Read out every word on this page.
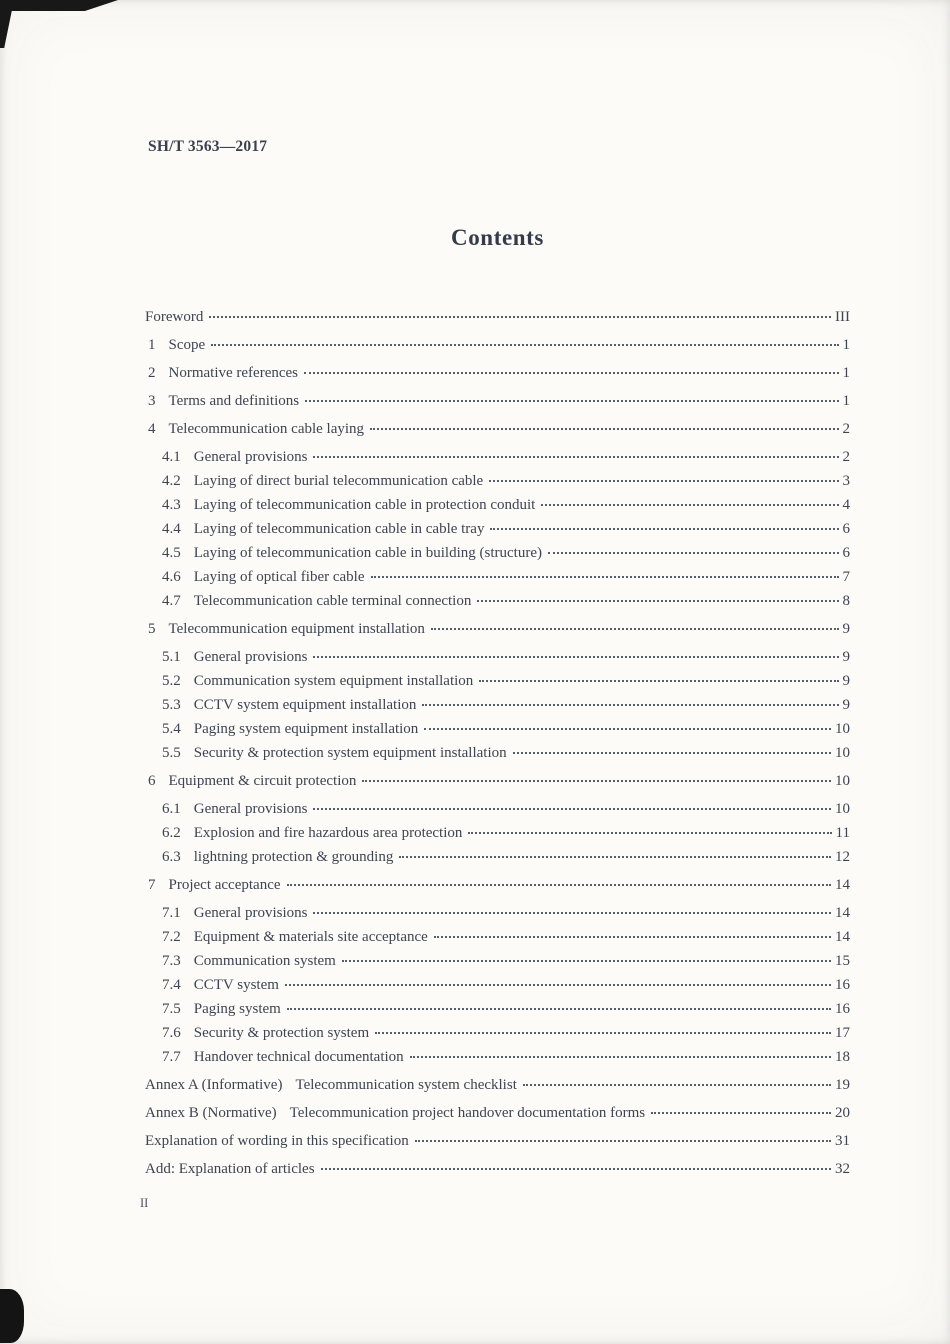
SH/T 3563—2017
Contents
Foreword	III
1 Scope	1
2 Normative references	1
3 Terms and definitions	1
4 Telecommunication cable laying	2
4.1 General provisions	2
4.2 Laying of direct burial telecommunication cable	3
4.3 Laying of telecommunication cable in protection conduit	4
4.4 Laying of telecommunication cable in cable tray	6
4.5 Laying of telecommunication cable in building (structure)	6
4.6 Laying of optical fiber cable	7
4.7 Telecommunication cable terminal connection	8
5 Telecommunication equipment installation	9
5.1 General provisions	9
5.2 Communication system equipment installation	9
5.3 CCTV system equipment installation	9
5.4 Paging system equipment installation	10
5.5 Security & protection system equipment installation	10
6 Equipment & circuit protection	10
6.1 General provisions	10
6.2 Explosion and fire hazardous area protection	11
6.3 lightning protection & grounding	12
7 Project acceptance	14
7.1 General provisions	14
7.2 Equipment & materials site acceptance	14
7.3 Communication system	15
7.4 CCTV system	16
7.5 Paging system	16
7.6 Security & protection system	17
7.7 Handover technical documentation	18
Annex A (Informative) Telecommunication system checklist	19
Annex B (Normative) Telecommunication project handover documentation forms	20
Explanation of wording in this specification	31
Add: Explanation of articles	32
II
